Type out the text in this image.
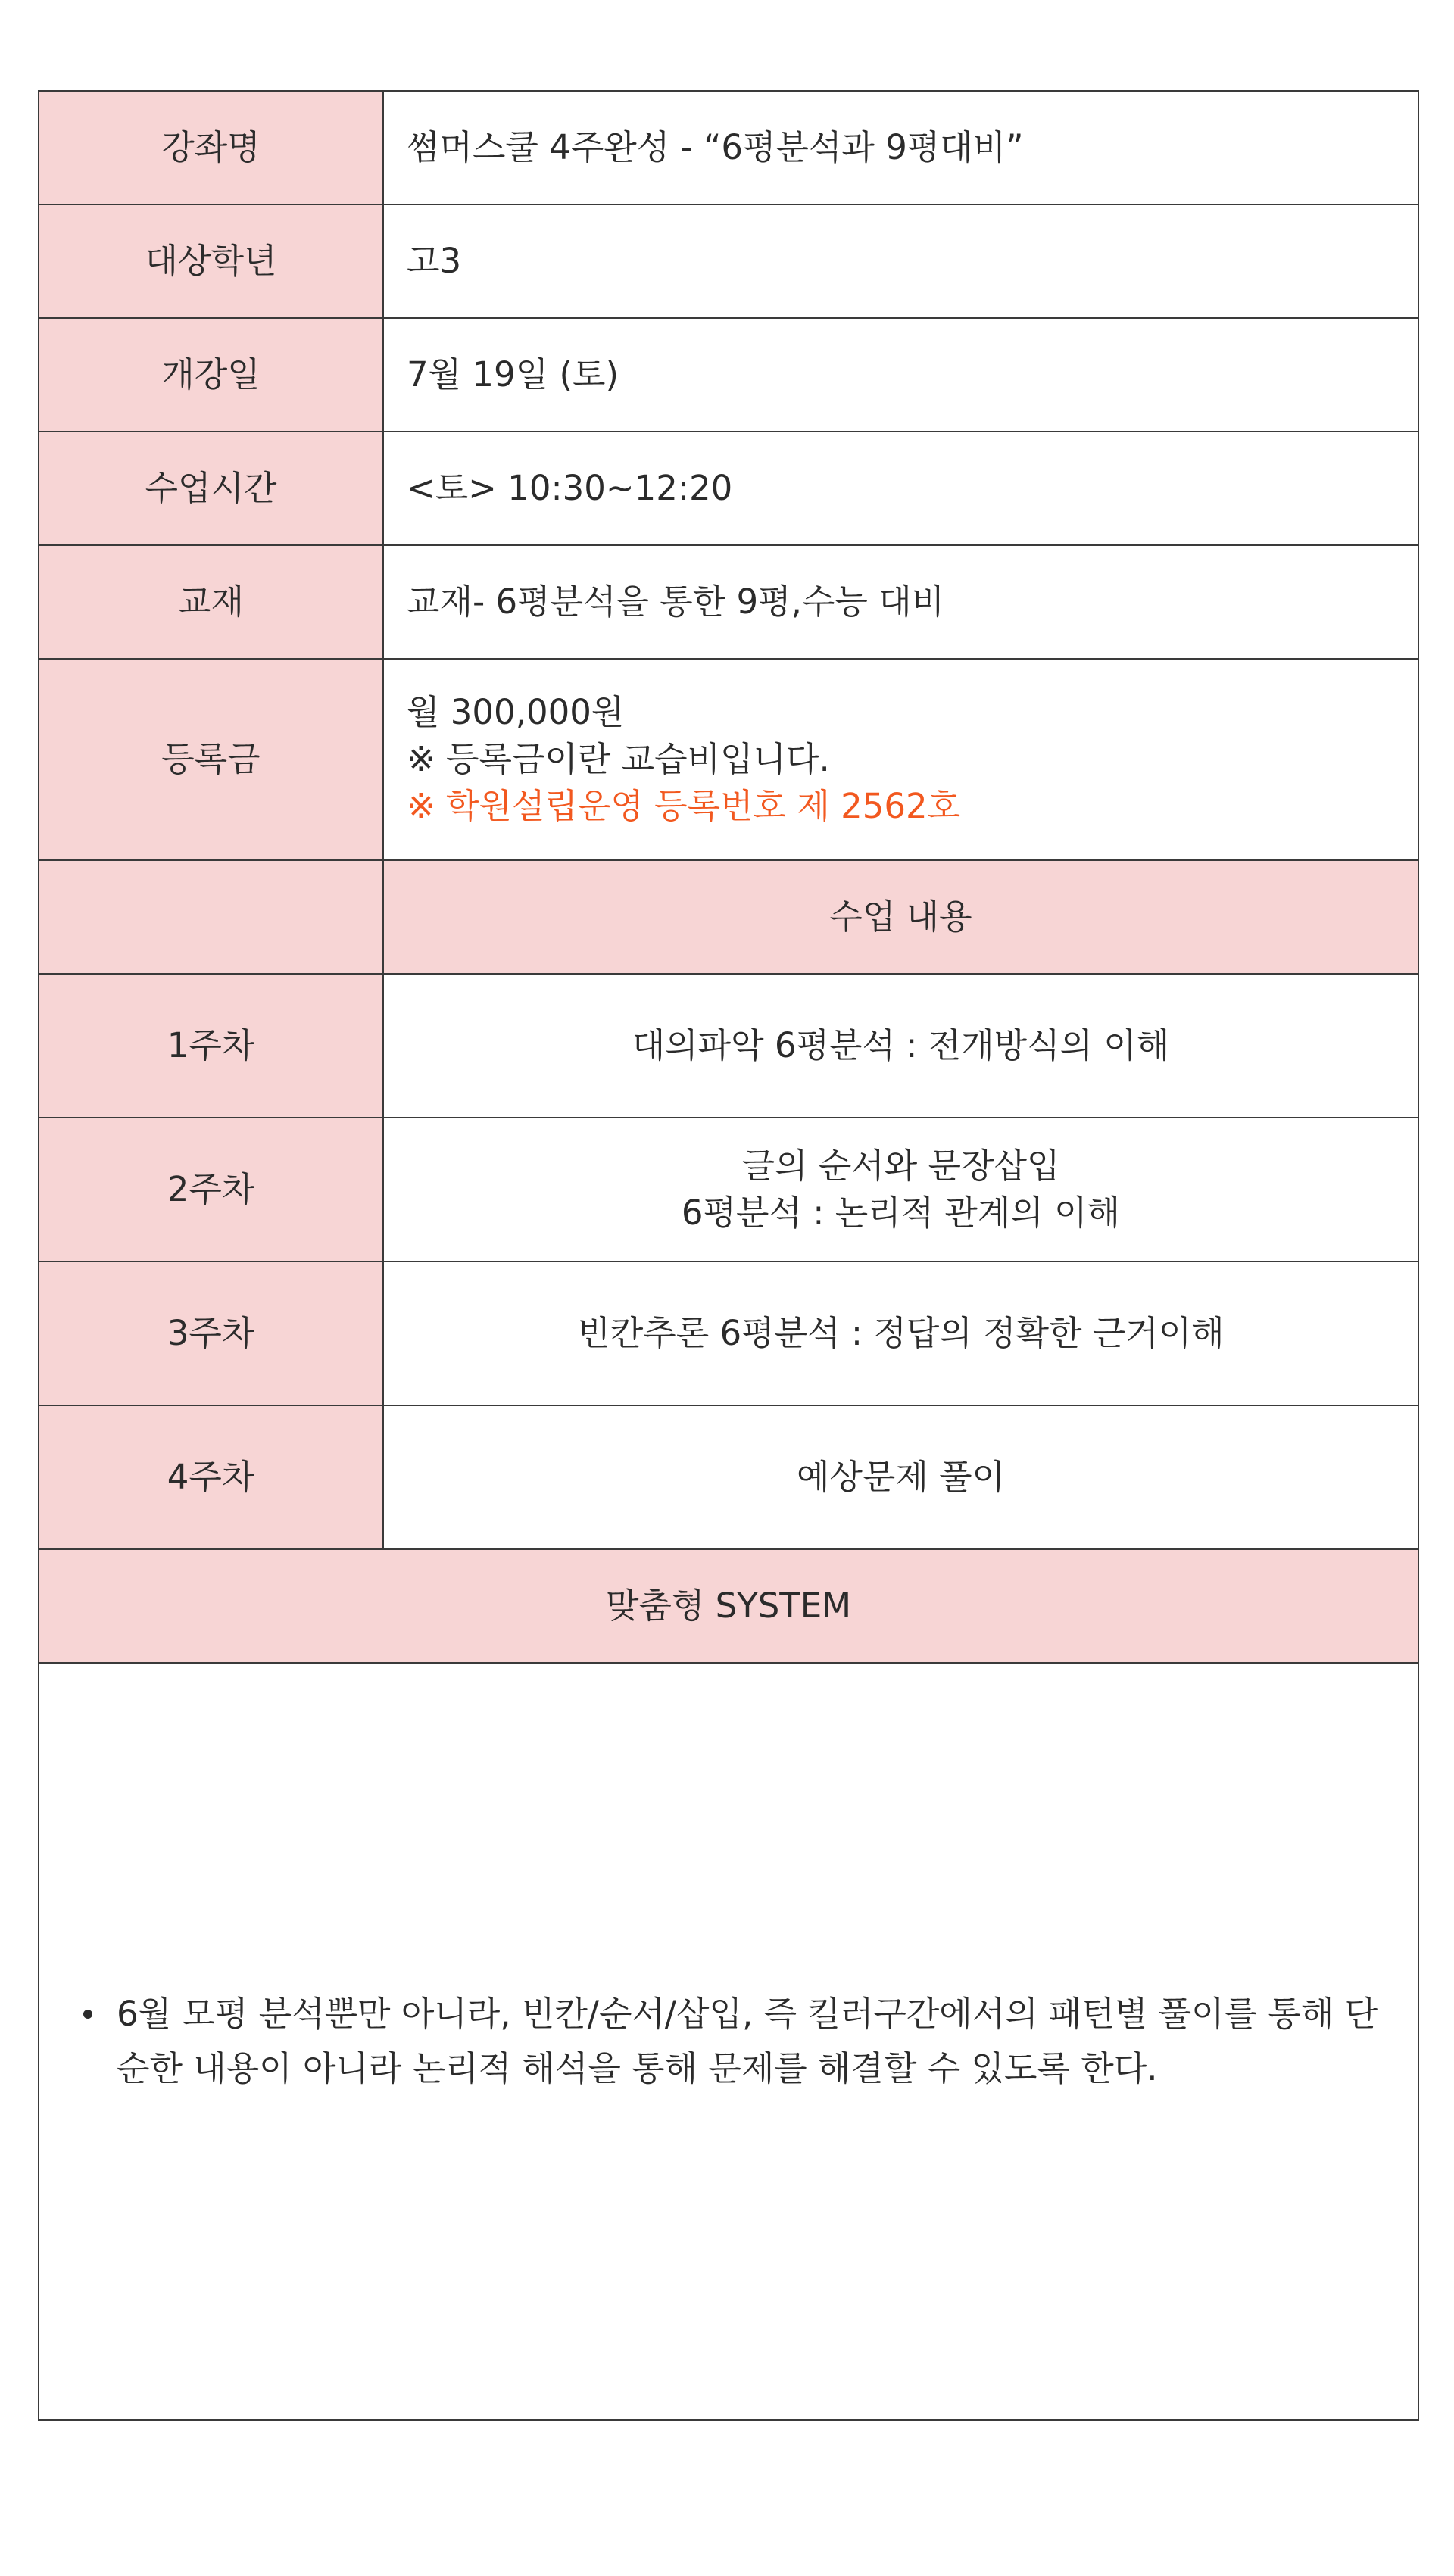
강좌명	썸머스쿨 4주완성 - “6평분석과 9평대비”
대상학년	고3
개강일	7월 19일 (토)
수업시간	<토> 10:30~12:20
교재	교재- 6평분석을 통한 9평,수능 대비
등록금	월 300,000원
※ 등록금이란 교습비입니다.
※ 학원설립운영 등록번호 제 2562호

	수업 내용
1주차	대의파악 6평분석 : 전개방식의 이해

2주차	글의 순서와 문장삽입
6평분석 : 논리적 관계의 이해

3주차	빈칸추론 6평분석 : 정답의 정확한 근거이해

4주차	예상문제 풀이

맞춤형 SYSTEM	

6월 모평 분석뿐만 아니라, 빈칸/순서/삽입, 즉 킬러구간에서의 패턴별 풀이를 통해 단순한 내용이 아니라 논리적 해석을 통해 문제를 해결할 수 있도록 한다.	
